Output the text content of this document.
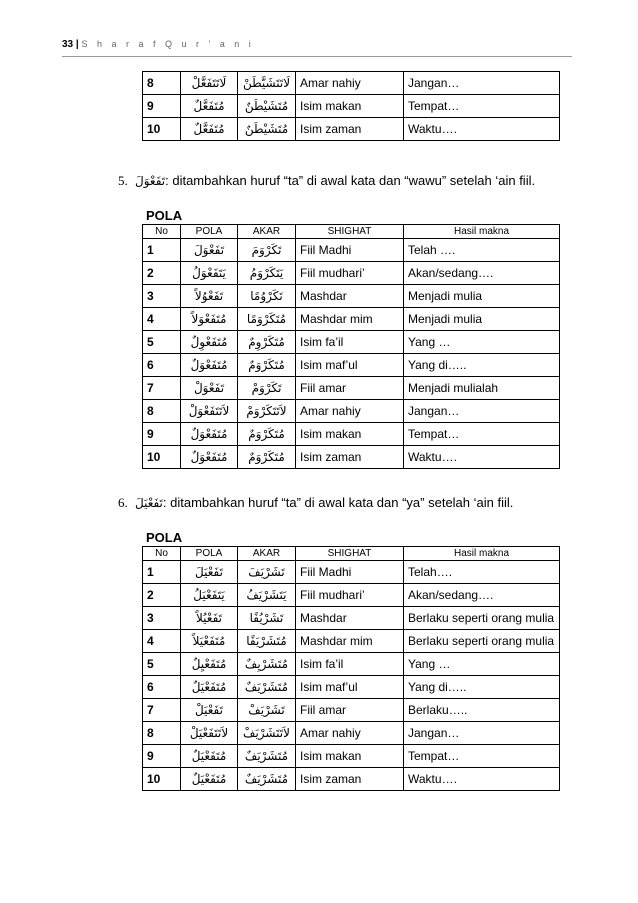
33 | S h a r a f Q u r ' a n i
8	لَاتَتَفَعَّلْ	لَاتَتَشَيَّطَنْ	Amar nahiy	Jangan…
9	مُتَفَعَّلٌ	مُتَشَيْطَنٌ	Isim makan	Tempat…
10	مُتَفَعَّلٌ	مُتَشَيْطَنٌ	Isim zaman	Waktu….
5. تَفَعْوَلَ: ditambahkan huruf “ta” di awal kata dan “wawu” setelah ‘ain fiil.
POLA
No	POLA	AKAR	SHIGHAT	Hasil makna
1	تَفَعْوَلَ	تَكَرْوَمَ	Fiil Madhi	Telah ….
2	يَتَفَعْوَلُ	يَتَكَرْوَمُ	Fiil mudhari’	Akan/sedang….
3	تَفَعْوُلاً	تَكَرْوُمًا	Mashdar	Menjadi mulia
4	مُتَفَعْوَلاً	مُتَكَرْوَمًا	Mashdar mim	Menjadi mulia
5	مُتَفَعْوِلٌ	مُتَكَرْوِمٌ	Isim fa’il	Yang …
6	مُتَفَعْوَلٌ	مُتَكَرْوَمٌ	Isim maf’ul	Yang di…..
7	تَفَعْوَلْ	تَكَرْوَمْ	Fiil amar	Menjadi mulialah
8	لاَتَتَفَعْوَلْ	لاَتَتَكَرْوَمْ	Amar nahiy	Jangan…
9	مُتَفَعْوَلٌ	مُتَكَرْوَمٌ	Isim makan	Tempat…
10	مُتَفَعْوَلٌ	مُتَكَرْوَمٌ	Isim zaman	Waktu….
6. تَفَعْيَلَ: ditambahkan huruf “ta” di awal kata dan “ya” setelah ‘ain fiil.
POLA
No	POLA	AKAR	SHIGHAT	Hasil makna
1	تَفَعْيَلَ	تَشَرْيَفَ	Fiil Madhi	Telah….
2	يَتَفَعْيَلُ	يَتَشَرْيَفُ	Fiil mudhari’	Akan/sedang….
3	تَفَعْيُلاً	تَشَرْيُفًا	Mashdar	Berlaku seperti orang mulia
4	مُتَفَعْيَلاً	مُتَشَرْيَفًا	Mashdar mim	Berlaku seperti orang mulia
5	مُتَفَعْيِلٌ	مُتَشَرْيِفٌ	Isim fa’il	Yang …
6	مُتَفَعْيَلٌ	مُتَشَرْيَفٌ	Isim maf’ul	Yang di…..
7	تَفَعْيَلْ	تَشَرْيَفْ	Fiil amar	Berlaku…..
8	لاَتَتَفَعْيَلْ	لاَتَتَشَرْيَفْ	Amar nahiy	Jangan…
9	مُتَفَعْيَلٌ	مُتَشَرْيَفٌ	Isim makan	Tempat…
10	مُتَفَعْيَلٌ	مُتَشَرْيَفٌ	Isim zaman	Waktu….
